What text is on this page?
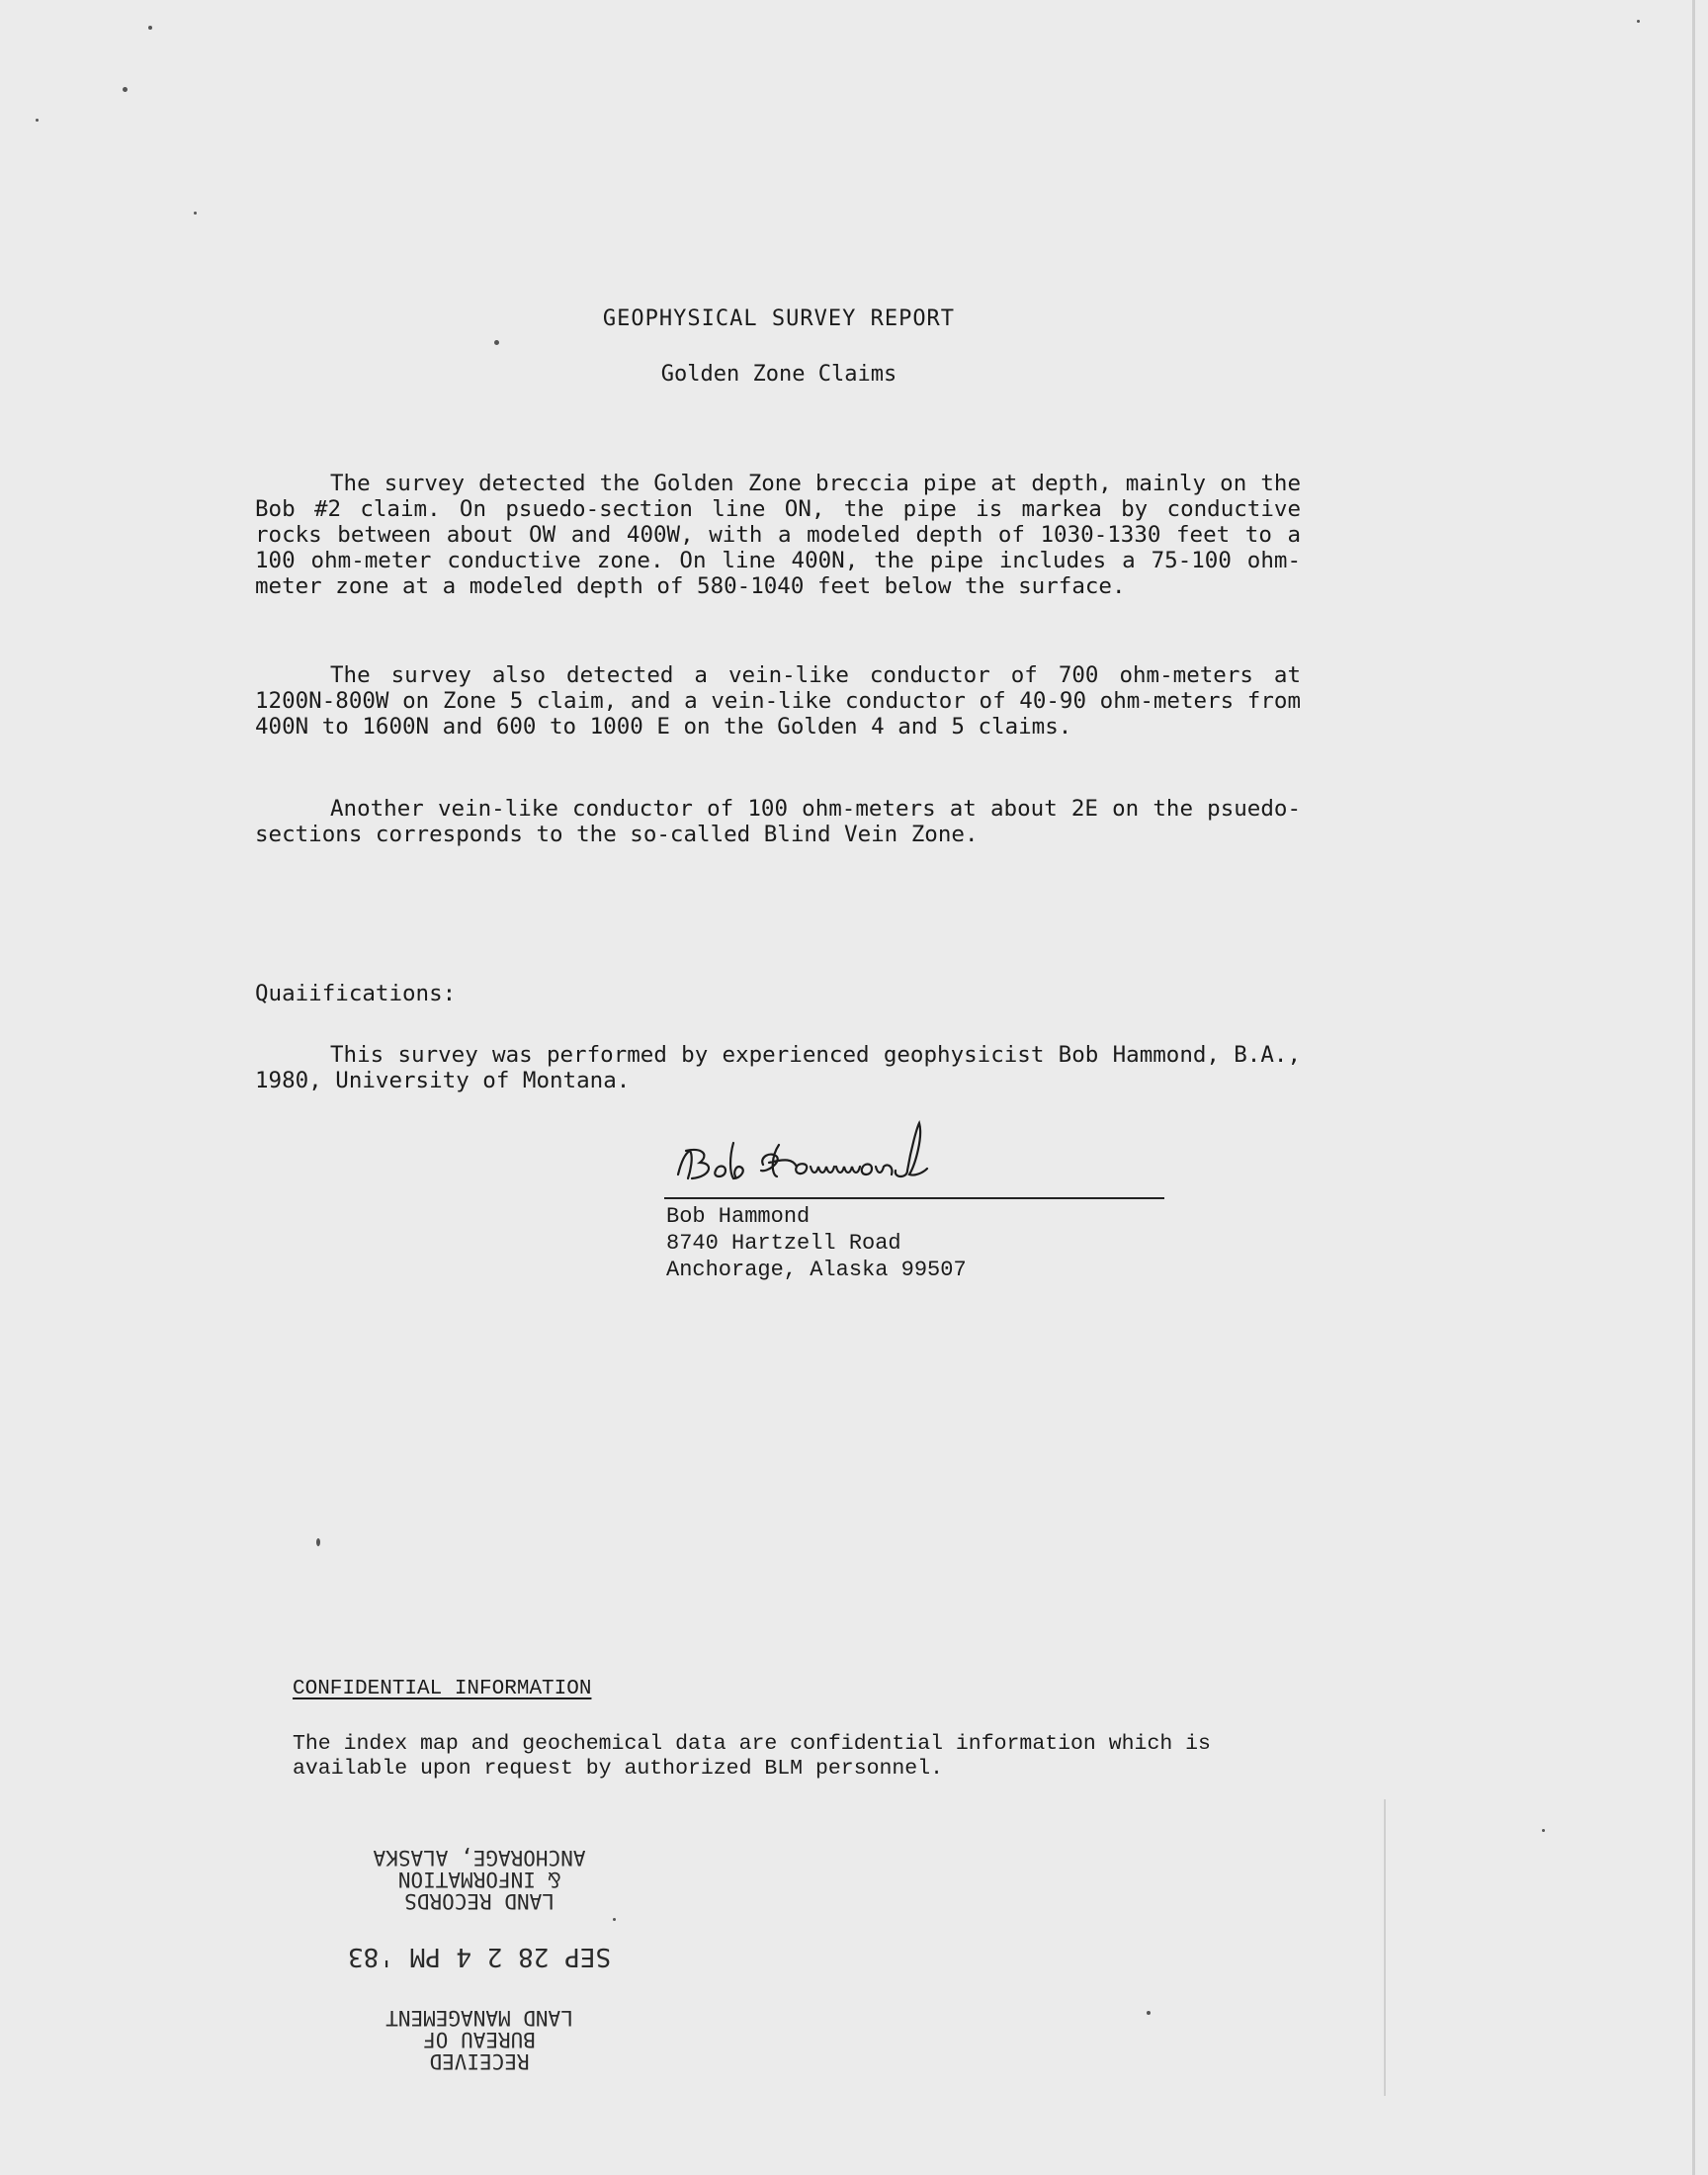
GEOPHYSICAL SURVEY REPORT
Golden Zone Claims

The survey detected the Golden Zone breccia pipe at depth, mainly on the Bob #2 claim. On psuedo-section line ON, the pipe is markea by conductive rocks between about OW and 400W, with a modeled depth of 1030-1330 feet to a 100 ohm-meter conductive zone. On line 400N, the pipe includes a 75-100 ohm-meter zone at a modeled depth of 580-1040 feet below the surface.

The survey also detected a vein-like conductor of 700 ohm-meters at 1200N-800W on Zone 5 claim, and a vein-like conductor of 40-90 ohm-meters from 400N to 1600N and 600 to 1000 E on the Golden 4 and 5 claims.

Another vein-like conductor of 100 ohm-meters at about 2E on the psuedo-sections corresponds to the so-called Blind Vein Zone.

Quaiifications:

This survey was performed by experienced geophysicist Bob Hammond, B.A., 1980, University of Montana.

Bob Hammond
8740 Hartzell Road
Anchorage, Alaska 99507
CONFIDENTIAL INFORMATION

The index map and geochemical data are confidential information which is available upon request by authorized BLM personnel.

RECEIVED
BUREAU OF
LAND MANAGEMENT
SEP 28 2 4 PM '83
LAND RECORDS
& INFORMATION
ANCHORAGE, ALASKA
